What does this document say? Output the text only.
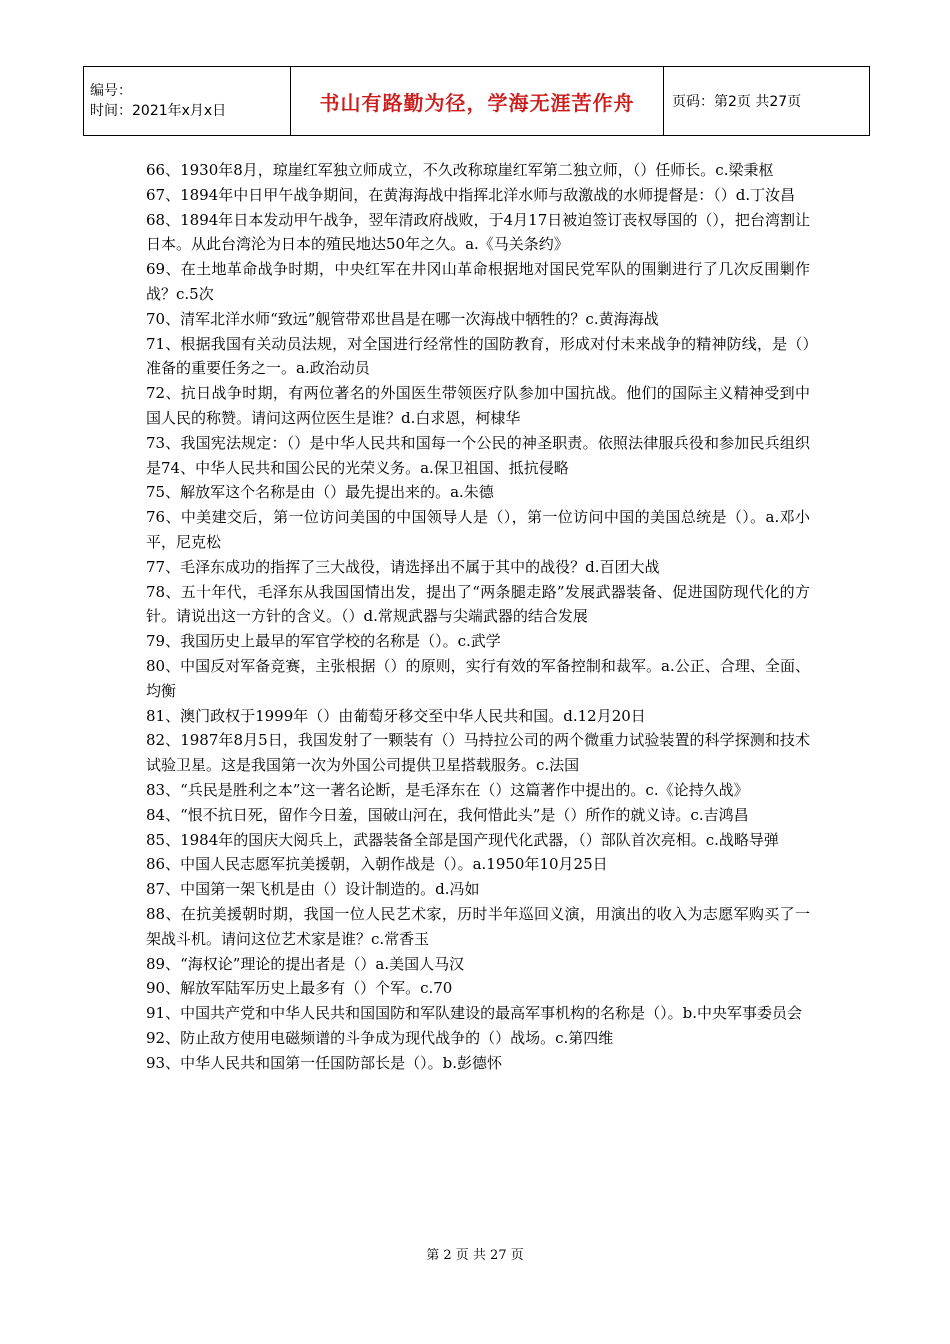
编号：
时间：2021年x月x日	书山有路勤为径，学海无涯苦作舟	页码：第2页 共27页

66、1930年8月，琼崖红军独立师成立，不久改称琼崖红军第二独立师，（）任师长。c.梁秉枢

67、1894年中日甲午战争期间，在黄海海战中指挥北洋水师与敌激战的水师提督是：（）d.丁汝昌

68、1894年日本发动甲午战争，翌年清政府战败，于4月17日被迫签订丧权辱国的（），把台湾割让日本。从此台湾沦为日本的殖民地达50年之久。a.《马关条约》

69、在土地革命战争时期，中央红军在井冈山革命根据地对国民党军队的围剿进行了几次反围剿作战？c.5次

70、清军北洋水师“致远”舰管带邓世昌是在哪一次海战中牺牲的？c.黄海海战

71、根据我国有关动员法规，对全国进行经常性的国防教育，形成对付未来战争的精神防线，是（）准备的重要任务之一。a.政治动员

72、抗日战争时期，有两位著名的外国医生带领医疗队参加中国抗战。他们的国际主义精神受到中国人民的称赞。请问这两位医生是谁？d.白求恩，柯棣华

73、我国宪法规定：（）是中华人民共和国每一个公民的神圣职责。依照法律服兵役和参加民兵组织是74、中华人民共和国公民的光荣义务。a.保卫祖国、抵抗侵略

75、解放军这个名称是由（）最先提出来的。a.朱德

76、中美建交后，第一位访问美国的中国领导人是（），第一位访问中国的美国总统是（）。a.邓小平，尼克松

77、毛泽东成功的指挥了三大战役，请选择出不属于其中的战役？d.百团大战

78、五十年代，毛泽东从我国国情出发，提出了“两条腿走路”发展武器装备、促进国防现代化的方针。请说出这一方针的含义。（）d.常规武器与尖端武器的结合发展

79、我国历史上最早的军官学校的名称是（）。c.武学

80、中国反对军备竞赛，主张根据（）的原则，实行有效的军备控制和裁军。a.公正、合理、全面、均衡

81、澳门政权于1999年（）由葡萄牙移交至中华人民共和国。d.12月20日

82、1987年8月5日，我国发射了一颗装有（）马持拉公司的两个微重力试验装置的科学探测和技术试验卫星。这是我国第一次为外国公司提供卫星搭载服务。c.法国

83、“兵民是胜利之本”这一著名论断，是毛泽东在（）这篇著作中提出的。c.《论持久战》

84、“恨不抗日死，留作今日羞，国破山河在，我何惜此头”是（）所作的就义诗。c.吉鸿昌

85、1984年的国庆大阅兵上，武器装备全部是国产现代化武器，（）部队首次亮相。c.战略导弹

86、中国人民志愿军抗美援朝，入朝作战是（）。a.1950年10月25日

87、中国第一架飞机是由（）设计制造的。d.冯如

88、在抗美援朝时期，我国一位人民艺术家，历时半年巡回义演，用演出的收入为志愿军购买了一架战斗机。请问这位艺术家是谁？c.常香玉

89、“海权论”理论的提出者是（）a.美国人马汉

90、解放军陆军历史上最多有（）个军。c.70

91、中国共产党和中华人民共和国国防和军队建设的最高军事机构的名称是（）。b.中央军事委员会

92、防止敌方使用电磁频谱的斗争成为现代战争的（）战场。c.第四维

93、中华人民共和国第一任国防部长是（）。b.彭德怀

第 2 页 共 27 页
